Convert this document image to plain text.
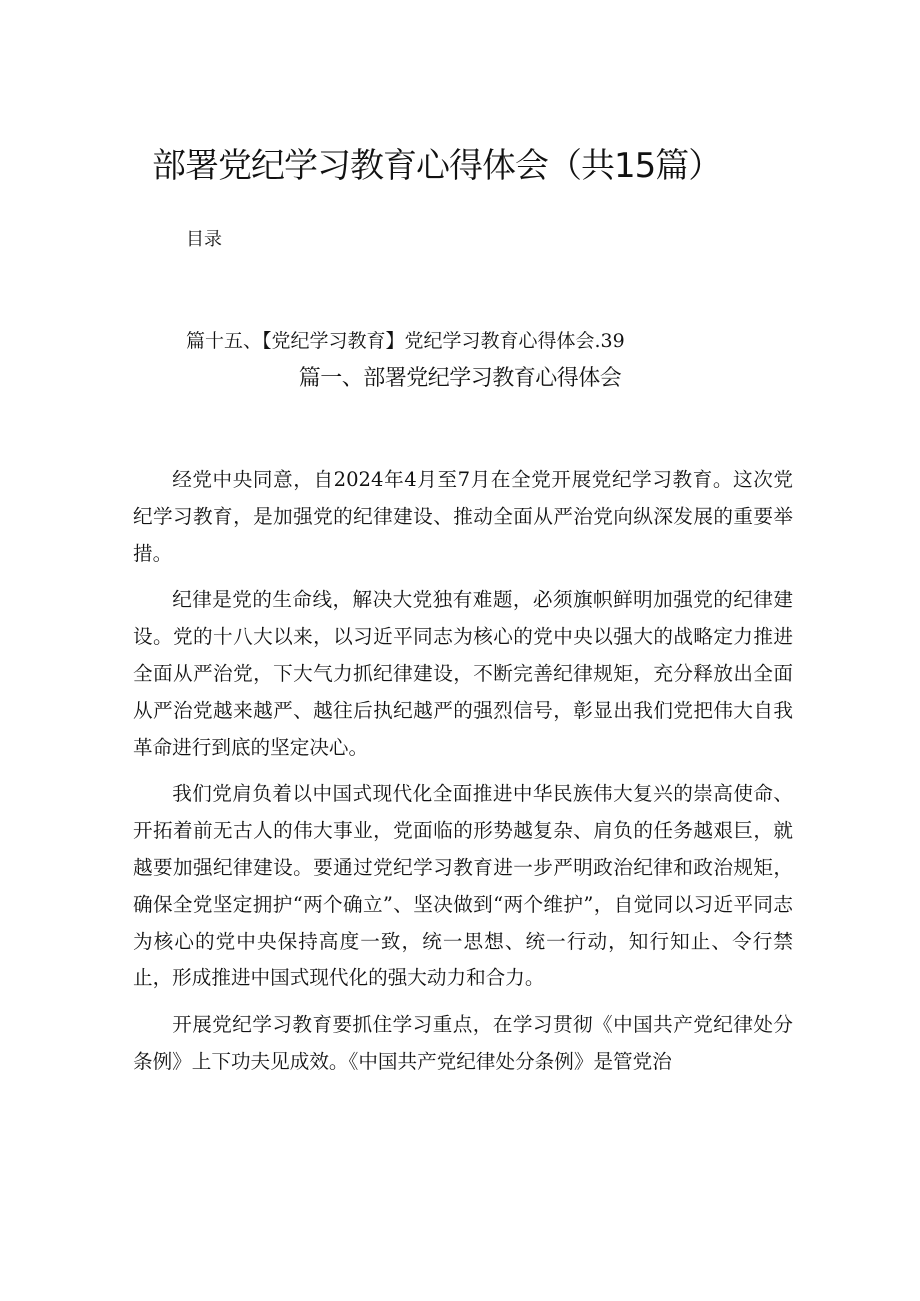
部署党纪学习教育心得体会（共15篇）
目录
篇十五、【党纪学习教育】党纪学习教育心得体会.39
篇一、部署党纪学习教育心得体会

经党中央同意，自2024年4月至7月在全党开展党纪学习教育。这次党纪学习教育，是加强党的纪律建设、推动全面从严治党向纵深发展的重要举措。

纪律是党的生命线，解决大党独有难题，必须旗帜鲜明加强党的纪律建设。党的十八大以来，以习近平同志为核心的党中央以强大的战略定力推进全面从严治党，下大气力抓纪律建设，不断完善纪律规矩，充分释放出全面从严治党越来越严、越往后执纪越严的强烈信号，彰显出我们党把伟大自我革命进行到底的坚定决心。

我们党肩负着以中国式现代化全面推进中华民族伟大复兴的崇高使命、开拓着前无古人的伟大事业，党面临的形势越复杂、肩负的任务越艰巨，就越要加强纪律建设。要通过党纪学习教育进一步严明政治纪律和政治规矩，确保全党坚定拥护“两个确立”、坚决做到“两个维护”，自觉同以习近平同志为核心的党中央保持高度一致，统一思想、统一行动，知行知止、令行禁止，形成推进中国式现代化的强大动力和合力。

开展党纪学习教育要抓住学习重点，在学习贯彻《中国共产党纪律处分条例》上下功夫见成效。《中国共产党纪律处分条例》是管党治
